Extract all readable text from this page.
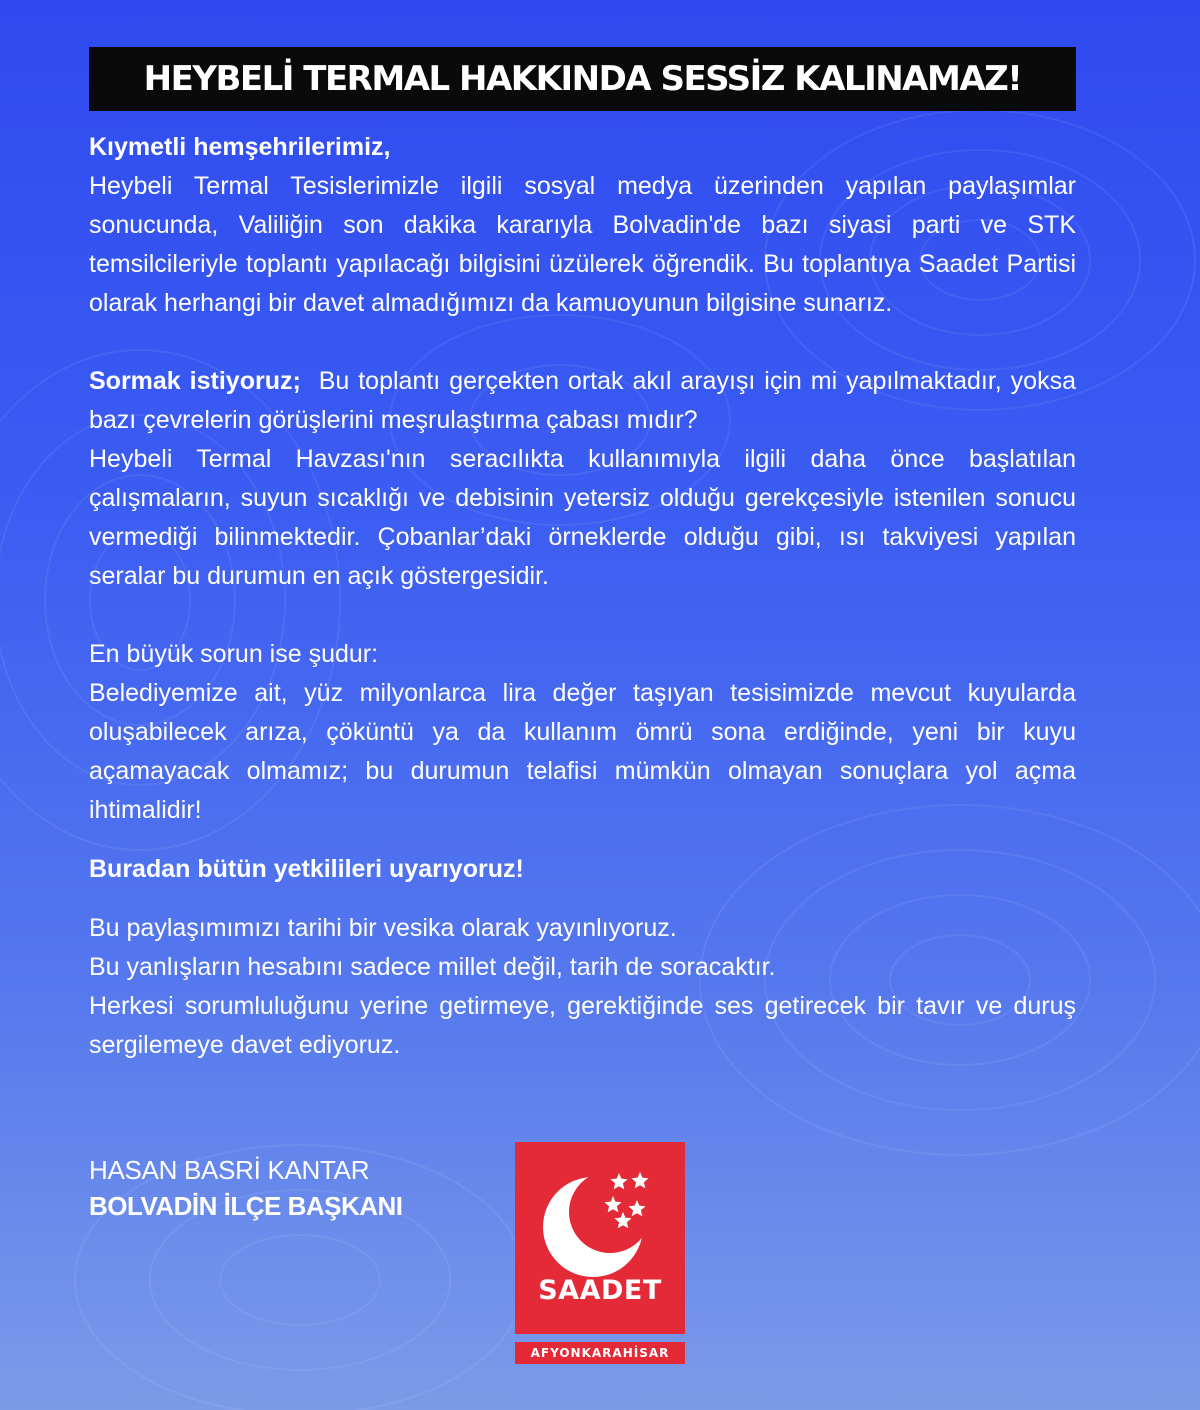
HEYBELİ TERMAL HAKKINDA SESSİZ KALINAMAZ!

Kıymetli hemşehrilerimiz,

Heybeli Termal Tesislerimizle ilgili sosyal medya üzerinden yapılan paylaşımlar sonucunda, Valiliğin son dakika kararıyla Bolvadin'de bazı siyasi parti ve STK temsilcileriyle toplantı yapılacağı bilgisini üzülerek öğrendik. Bu toplantıya Saadet Partisi olarak herhangi bir davet almadığımızı da kamuoyunun bilgisine sunarız.

Sormak istiyoruz; Bu toplantı gerçekten ortak akıl arayışı için mi yapılmaktadır, yoksa bazı çevrelerin görüşlerini meşrulaştırma çabası mıdır?

Heybeli Termal Havzası'nın seracılıkta kullanımıyla ilgili daha önce başlatılan çalışmaların, suyun sıcaklığı ve debisinin yetersiz olduğu gerekçesiyle istenilen sonucu vermediği bilinmektedir. Çobanlar’daki örneklerde olduğu gibi, ısı takviyesi yapılan seralar bu durumun en açık göstergesidir.

En büyük sorun ise şudur:

Belediyemize ait, yüz milyonlarca lira değer taşıyan tesisimizde mevcut kuyularda oluşabilecek arıza, çöküntü ya da kullanım ömrü sona erdiğinde, yeni bir kuyu açamayacak olmamız; bu durumun telafisi mümkün olmayan sonuçlara yol açma ihtimalidir!

Buradan bütün yetkilileri uyarıyoruz!

Bu paylaşımımızı tarihi bir vesika olarak yayınlıyoruz.

Bu yanlışların hesabını sadece millet değil, tarih de soracaktır.

Herkesi sorumluluğunu yerine getirmeye, gerektiğinde ses getirecek bir tavır ve duruş sergilemeye davet ediyoruz.

HASAN BASRİ KANTAR
BOLVADİN İLÇE BAŞKANI
SAADET
AFYONKARAHİSAR
